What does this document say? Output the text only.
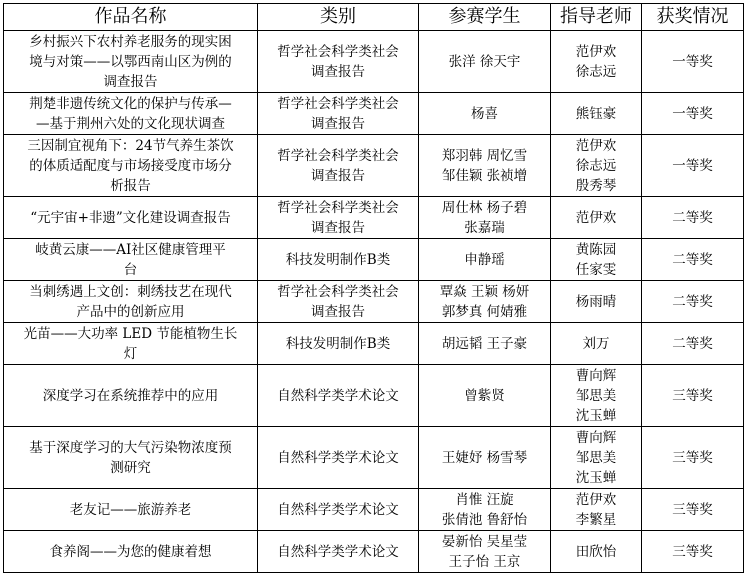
作品名称	类别	参赛学生	指导老师	获奖情况

乡村振兴下农村养老服务的现实困
境与对策——以鄂西南山区为例的
调查报告	哲学社会科学类社会
调查报告	张洋 徐天宇	范伊欢
徐志远	一等奖

荆楚非遗传统文化的保护与传承—
—基于荆州六处的文化现状调查	哲学社会科学类社会
调查报告	杨喜	熊钰豪	一等奖

三因制宜视角下：24节气养生茶饮
的体质适配度与市场接受度市场分
析报告	哲学社会科学类社会
调查报告	郑羽韩 周忆雪
邹佳颖 张祯增	范伊欢
徐志远
殷秀琴	一等奖

“元宇宙+非遗”文化建设调查报告	哲学社会科学类社会
调查报告	周仕林 杨子碧
张嘉瑞	范伊欢	二等奖

岐黄云康——AI社区健康管理平
台	科技发明制作B类	申静瑶	黄陈园
任家雯	二等奖

当刺绣遇上文创：刺绣技艺在现代
产品中的创新应用	哲学社会科学类社会
调查报告	覃焱 王颖 杨妍
郭梦真 何婧雅	杨雨晴	二等奖

光苗——大功率 LED 节能植物生长
灯	科技发明制作B类	胡远韬 王子豪	刘万	二等奖

深度学习在系统推荐中的应用	自然科学类学术论文	曾紫贤	曹向辉
邹思美
沈玉蝉	三等奖

基于深度学习的大气污染物浓度预
测研究	自然科学类学术论文	王婕妤 杨雪琴	曹向辉
邹思美
沈玉蝉	三等奖

老友记——旅游养老	自然科学类学术论文	肖惟 汪旋
张倩池 鲁舒怡	范伊欢
李繁星	三等奖

食养阁——为您的健康着想	自然科学类学术论文	晏新怡 吴星莹
王子怡 王京	田欣怡	三等奖
